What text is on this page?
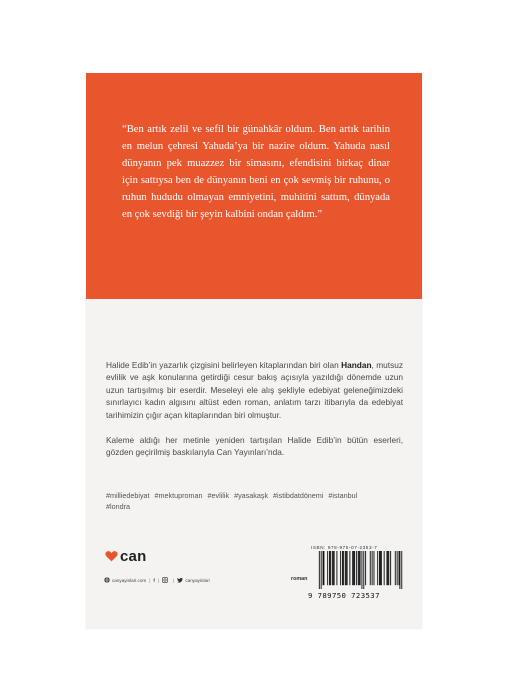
“Ben artık zelil ve sefil bir günahkâr oldum. Ben artık tarihin en melun çehresi Yahuda’ya bir nazire oldum. Yahuda nasıl dünyanın pek muazzez bir simasını, efendisini birkaç dinar için sattıysa ben de dünyanın beni en çok sevmiş bir ruhunu, o ruhun hududu olmayan emniyetini, muhitini sattım, dünyada en çok sevdiği bir şeyin kalbini ondan çaldım.”

Halide Edib’in yazarlık çizgisini belirleyen kitaplarından biri olan Handan, mutsuz evlilik ve aşk konularına getirdiği cesur bakış açısıyla yazıldığı dönemde uzun uzun tartışılmış bir eserdir. Meseleyi ele alış şekliyle edebiyat geleneğimizdeki sınırlayıcı kadın algısını altüst eden roman, anlatım tarzı itibarıyla da edebiyat tarihimizin çığır açan kitaplarından biri olmuştur.

Kaleme aldığı her metinle yeniden tartışılan Halide Edib’in bütün eserleri, gözden geçirilmiş baskılarıyla Can Yayınları’nda.

#milliedebiyat #mektuproman #evlilik #yasakaşk #istibdatdönemi #istanbul
#londra
can
canyayinlari.com | f |	| canyayinlari	roman
ISBN: 978-975-07-2353-7
9 789750 723537
